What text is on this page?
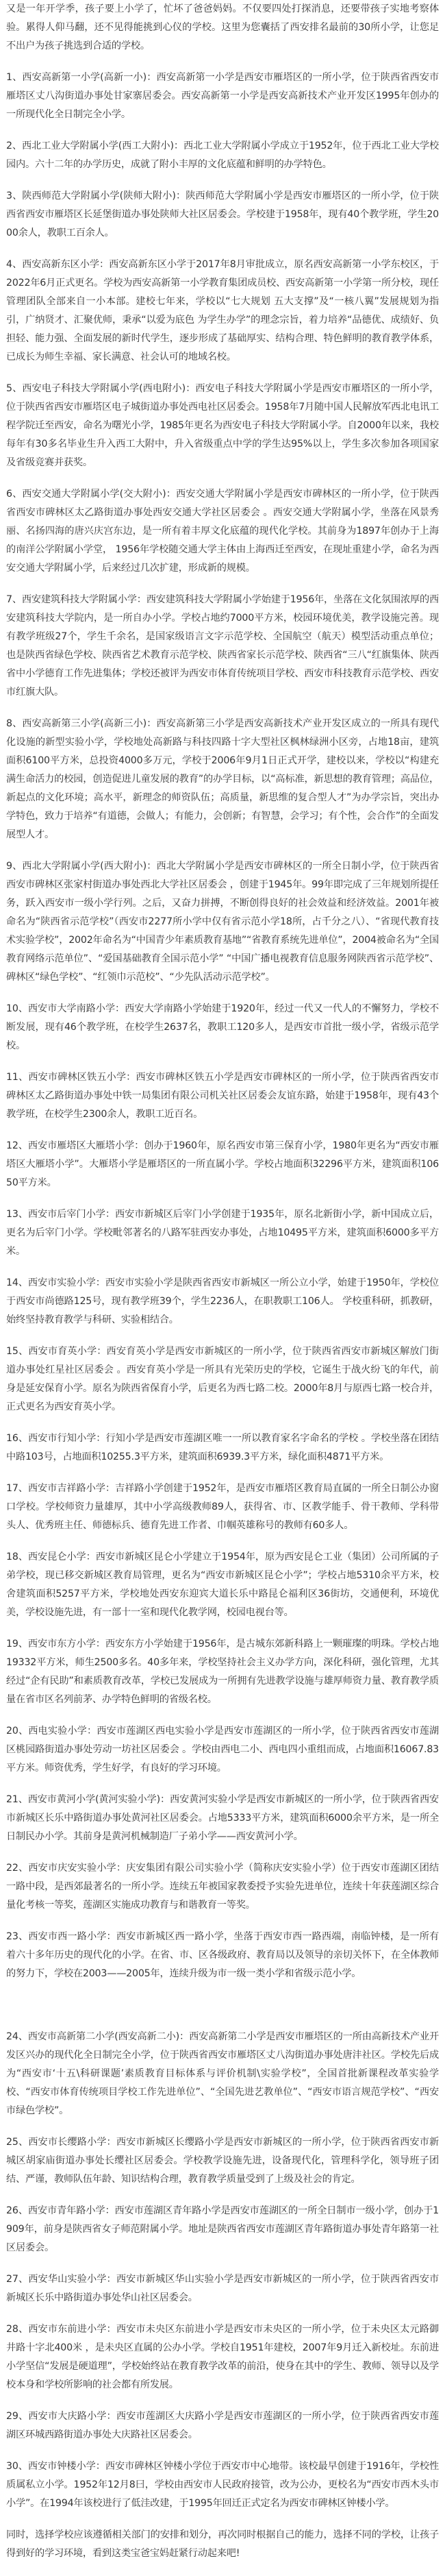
又是一年开学季，孩子要上小学了，忙坏了爸爸妈妈。不仅要四处打探消息，还要带孩子实地考察体验。累得人仰马翻，还不见得能挑到心仪的学校。这里为您囊括了西安排名最前的30所小学，让您足不出户为孩子挑选到合适的学校。

1、西安高新第一小学(高新一小)：西安高新第一小学是西安市雁塔区的一所小学，位于陕西省西安市雁塔区丈八沟街道办事处甘家寨居委会。西安高新第一小学是西安高新技术产业开发区1995年创办的一所现代化全日制完全小学。

2、西北工业大学附属小学(西工大附小)：西北工业大学附属小学成立于1952年，位于西北工业大学校园内。六十二年的办学历史，成就了附小丰厚的文化底蕴和鲜明的办学特色。

3、陕西师范大学附属小学(陕师大附小)：陕西师范大学附属小学是西安市雁塔区的一所小学，位于陕西省西安市雁塔区长延堡街道办事处陕师大社区居委会。学校建于1958年，现有40个教学班，学生2000余人，教职工百余人。

4、西安高新东区小学：西安高新东区小学于2017年8月审批成立，原名西安高新第一小学东校区，于2022年6月正式更名。学校为西安高新第一小学教育集团成员校、西安高新第一小学第一所分校，现任管理团队全部来自一小本部。建校七年来，学校以“七大规划 五大支撑”及“一核八翼”发展规划为指引，广纳贤才、汇聚优师，秉承“以爱为底色 为学生办学”的理念宗旨，着力培养“品德优、成绩好、负担轻、能力强、全面发展的新时代学生，逐步形成了基础厚实、结构合理、特色鲜明的教育教学体系，已成长为师生幸福、家长满意、社会认可的地域名校。

5、西安电子科技大学附属小学(西电附小)：西安电子科技大学附属小学是西安市雁塔区的一所小学，位于陕西省西安市雁塔区电子城街道办事处西电社区居委会。1958年7月随中国人民解放军西北电讯工程学院迁至西安，命名为曙光小学，1985年更名为西安电子科技大学附属小学。自2000年以来，我校每年有30多名毕业生升入西工大附中，升入省级重点中学的学生达95%以上，学生多次参加各项国家及省级竞赛并获奖。

6、西安交通大学附属小学(交大附小)：西安交通大学附属小学是西安市碑林区的一所小学，位于陕西省西安市碑林区太乙路街道办事处西安交通大学社区居委会 。西安交通大学附属小学，坐落在风景秀丽、名扬四海的唐兴庆宫东边，是一所有着丰厚文化底蕴的现代化学校。其前身为1897年创办于上海的南洋公学附属小学堂， 1956年学校随交通大学主体由上海西迁至西安，在现址重建小学，命名为西安交通大学附属小学，后来经过几次扩建，形成新的规模。

7、西安建筑科技大学附属小学：西安建筑科技大学附属小学始建于1956年，坐落在文化氛围浓厚的西安建筑科技大学院内，是一所自办小学。学校占地约7000平方米，校园环境优美，教学设施完善。现有教学班级27个，学生千余名，是国家级语言文字示范学校、全国航空（航天）模型活动重点单位；也是陕西省绿色学校、陕西省艺术教育示范学校、陕西省家长示范学校、陕西省“三八“红旗集体、陕西省中小学德育工作先进集体；学校还被评为西安市体育传统项目学校、西安市科技教育示范学校、西安市红旗大队。

8、西安高新第三小学(高新三小)：西安高新第三小学是西安高新技术产业开发区成立的一所具有现代化设施的新型实验小学，学校地处高新路与科技四路十字大型社区枫林绿洲小区旁，占地18亩，建筑面积6100平方米，总投资4000多万元，学校于2006年9月1日正式开学，建校以来，学校以“构建充满生命活力的校园，创造促进儿童发展的教育”的办学目标，以“高标准，新思想的教育管理；高品位，新起点的文化环境；高水平，新理念的师资队伍；高质量，新思维的复合型人才”为办学宗旨，突出办学特色，致力于培养“有道德，会做人；有能力，会创新；有智慧，会学习；有个性，会合作”的全面发展型人才。

9、西北大学附属小学(西大附小)：西北大学附属小学是西安市碑林区的一所全日制小学，位于陕西省西安市碑林区张家村街道办事处西北大学社区居委会 ，创建于1945年。99年即完成了三年规划所提任务，跃入西安市一级小学行列。之后，又奋力拼搏，不断创得良好的社会效益和经济效益。2001年被命名为“陕西省示范学校”（西安市2277所小学中仅有省示范小学18所，占千分之八）、“省现代教育技术实验学校”，2002年命名为“中国青少年素质教育基地”“省教育系统先进单位”，2004被命名为“全国教育网络示范单位”、“爱国基础教育全国示范小学” “中国广播电视教育信息服务网陕西省示范学校”、碑林区“绿色学校”、“红领巾示范校”、“少先队活动示范学校”。

10、西安市大学南路小学：西安大学南路小学始建于1920年，经过一代又一代人的不懈努力，学校不断发展，现有46个教学班，在校学生2637名，教职工120多人，是西安市首批一级小学，省级示范学校。

11、西安市碑林区铁五小学：西安市碑林区铁五小学是西安市碑林区的一所小学，位于陕西省西安市碑林区太乙路街道办事处中铁一局集团有限公司机关社区居委会友谊东路，始建于1958年，现有43个教学班，在校学生2300余人，教职工近百名。

12、西安市雁塔区大雁塔小学：创办于1960年，原名西安市第三保育小学，1980年更名为“西安市雁塔区大雁塔小学”。大雁塔小学是雁塔区的一所直属小学。学校占地面积32296平方米，建筑面积10650平方米。

13、西安市后宰门小学：西安市新城区后宰门小学创建于1935年，原名北新街小学，新中国成立后，更名为后宰门小学。学校毗邻著名的八路军驻西安办事处，占地10495平方米，建筑面积6000多平方米。

14、西安市实验小学：西安市实验小学是陕西省西安市新城区一所公立小学，始建于1950年，学校位于西安市尚德路125号，现有教学班39个，学生2236人，在职教职工106人。 学校重科研，抓教研，始终坚持教育教学与科研、实验相结合。

15、西安市育英小学：西安育英小学是西安市新城区的一所小学，位于陕西省西安市新城区解放门街道办事处红星社区居委会 。西安育英小学是一所具有光荣历史的学校，它诞生于战火纷飞的年代，前身是延安保育小学。原名为陕西省保育小学，后更名为西七路二校。2000年8月与原西七路一校合并，正式更名为西安育英小学。

16、西安市行知小学：行知小学是西安市莲湖区唯一一所以教育家名字命名的学校 。学校坐落在团结中路103号，占地面积10255.3平方米，建筑面积6939.3平方米，绿化面积4871平方米。

17、西安市吉祥路小学：吉祥路小学创建于1952年，是西安市雁塔区教育局直属的一所全日制公办窗口学校。学校师资力量雄厚，其中小学高级教师89人，获得省、市、区教学能手、骨干教师、学科带头人、优秀班主任、师德标兵、德育先进工作者、巾帼英雄称号的教师有60多人。

18、西安昆仑小学：西安市新城区昆仑小学建立于1954年，原为西安昆仑工业（集团）公司所属的子弟学校，现已移交新城区教育局管理，更名为“西安市新城区昆仑小学”；学校占地5310余平方米，校舍建筑面积5257平方米，学校地处西安东迎宾大道长乐中路昆仑福利区36街坊，交通便利，环境优美，学校设施先进，有一部十一室和现代化教学网，校园电视台等。

19、西安市东方小学：西安东方小学始建于1956年，是古城东郊新科路上一颗璀璨的明珠。学校占地19332平方米，师生2500多名。40多年来，学校坚持社会主义办学方向，深化科研，强化管理，尤其经过“企有民助”和素质教育改革，学校已发展成为一所拥有先进教学设施与雄厚师资力量、教育教学质量在省市区名列前茅、办学特色鲜明的省级名校。

20、西电实验小学：西安市莲湖区西电实验小学是西安市莲湖区的一所小学，位于陕西省西安市莲湖区桃园路街道办事处劳动一坊社区居委会 。学校由西电二小、西电四小重组而成，占地面积16067.83平方米。师资优秀，学生好学，有良好的学习环境。

21、西安市黄河小学(黄河实验小学)：西安黄河实验小学是西安市新城区的一所小学，位于陕西省西安市新城区长乐中路街道办事处黄河社区居委会。占地5333平方米，建筑面积6000余平方米，是一所全日制民办小学。其前身是黄河机械制造厂子弟小学——西安黄河小学。

22、西安市庆安实验小学：庆安集团有限公司实验小学（简称庆安实验小学）位于西安市莲湖区团结一路中段，是西郊最著名的一所小学。连续五年被国家教委授予实验先进单位，连续十年获莲湖区综合量化考核一等奖，莲湖区实施成功教育与和谐教育一等奖。

23、西安市西一路小学：西安市新城区西一路小学，坐落于西安市西一路西端，南临钟楼，是一所有着六十多年历史的现代化的小学。在省、市、区各级政府、教育局以及领导的亲切关怀下，在全体教师的努力下，学校在2003——2005年，连续升级为市一级一类小学和省级示范小学。

24、西安市高新第二小学(西安高新二小)：西安高新第二小学是西安市雁塔区的一所由高新技术产业开发区兴办的现代化全日制完全小学，位于陕西省西安市雁塔区丈八沟街道办事处唐沣社区。学校先后成为“西安市‘十五\科研课题’素质教育目标体系与评价机制\实验学校”，全国首批新课程改革实验学校、“西安市体育传统项目学校工作先进单位”、“全国先进艺教单位”、“西安市语言规范学校”、“西安市绿色学校”。

25、西安市长缨路小学：西安市新城区长缨路小学是西安市新城区的一所小学，位于陕西省西安市新城区胡家庙街道办事处长缨社区居委会。学校教学设施先进，设备现代化，管理科学化，领导班子团结、严谨，教师队伍年龄、知识结构合理，教育教学质量受到了上级及社会的肯定。

26、西安市青年路小学：西安市莲湖区青年路小学是西安市莲湖区的一所全日制市一级小学，创办于1909年，前身是陕西省女子师范附属小学。地址是陕西省西安市莲湖区青年路街道办事处青年路第一社区居委会。

27、西安华山实验小学：西安市新城区华山实验小学是西安市新城区的一所小学，位于陕西省西安市新城区长乐中路街道办事处华山社区居委会。

28、西安市东前进小学：西安市未央区东前进小学是西安市未央区的一所小学，位于未央区太元路御井路十字北400米 ，是未央区直属的公办小学。学校自1951年建校，2007年9月迁入新校址。东前进小学坚信“发展是硬道理”，学校始终站在教育教学改革的前沿，使身在其中的学生、教师、领导以及学校本身和学校所影响的社会都有所发展。

29、西安市大庆路小学：西安市莲湖区大庆路小学是西安市莲湖区的一所小学，位于陕西省西安市莲湖区环城西路街道办事处大庆路社区居委会。

30、西安市钟楼小学：西安市碑林区钟楼小学位于西安市中心地带。该校最早创建于1916年，学校性质属私立小学。1952年12月8曰，学校由西安市人民政府接管，改为公办，更校名为“西安市西木头市小学”。在1994年该校进行了低洼改建，于1995年回迁正式定名为西安市碑林区钟楼小学。

同时，选择学校应该遵循相关部门的安排和划分，再次同时根据自己的能力，选择不同的学校，让孩子得到好的学习环境，看到这类宝爸宝妈赶紧行动起来吧!
